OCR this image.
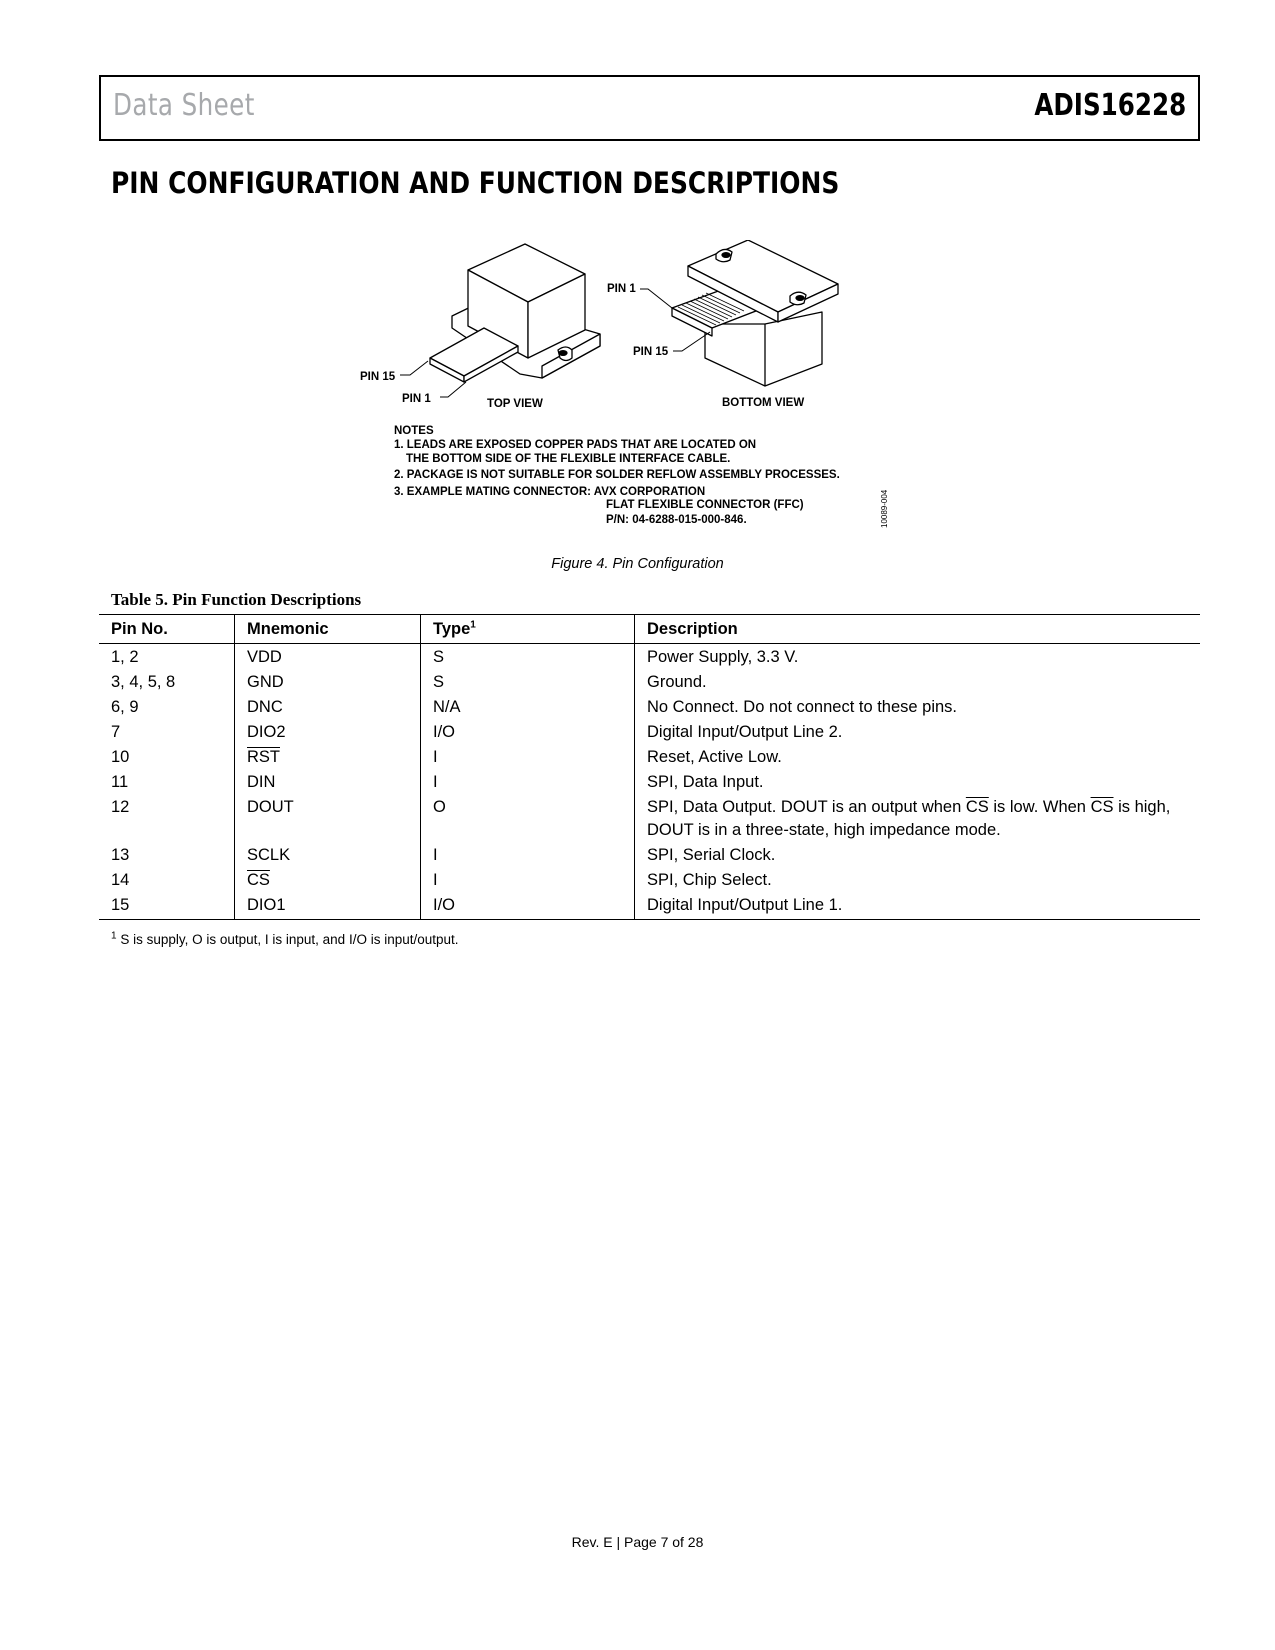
Data Sheet	ADIS16228
PIN CONFIGURATION AND FUNCTION DESCRIPTIONS
PIN 15
PIN 1	TOP VIEW
PIN 1
PIN 15
BOTTOM VIEW
NOTES
1. LEADS ARE EXPOSED COPPER PADS THAT ARE LOCATED ON
THE BOTTOM SIDE OF THE FLEXIBLE INTERFACE CABLE.
2. PACKAGE IS NOT SUITABLE FOR SOLDER REFLOW ASSEMBLY PROCESSES.
3. EXAMPLE MATING CONNECTOR: AVX CORPORATION
FLAT FLEXIBLE CONNECTOR (FFC)
P/N: 04-6288-015-000-846.	10089-004
Figure 4. Pin Configuration
Table 5. Pin Function Descriptions
Pin No.	Mnemonic	Type$^1$	Description
1, 2	VDD	S	Power Supply, 3.3 V.
3, 4, 5, 8	GND	S	Ground.
6, 9	DNC	N/A	No Connect. Do not connect to these pins.
7	DIO2	I/O	Digital Input/Output Line 2.
10	$\overline{RST}$	I	Reset, Active Low.
11	DIN	I	SPI, Data Input.
12	DOUT	O	SPI, Data Output. DOUT is an output when $\overline{CS}$ is low. When $\overline{CS}$ is high,
DOUT is in a three-state, high impedance mode.
13	SCLK	I	SPI, Serial Clock.
14	$\overline{CS}$	I	SPI, Chip Select.
15	DIO1	I/O	Digital Input/Output Line 1.
$^1$ S is supply, O is output, I is input, and I/O is input/output.
Rev. E | Page 7 of 28
